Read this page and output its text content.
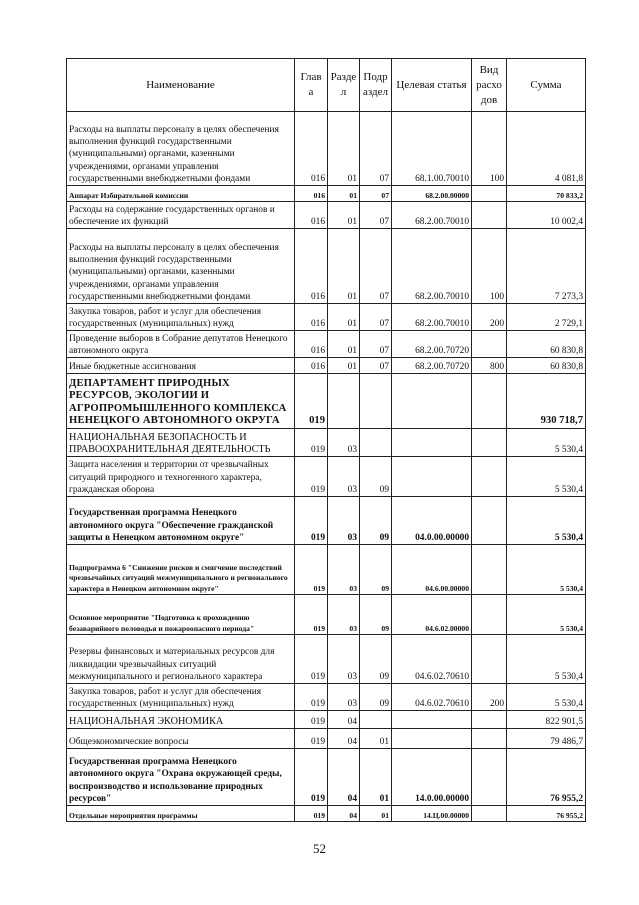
Наименование	Глав а	Разде л	Подр аздел	Целевая статья	Вид расхо дов	Сумма
Расходы на выплаты персоналу в целях обеспечения выполнения функций государственными (муниципальными) органами, казенными учреждениями, органами управления государственными внебюджетными фондами	016	01	07	68.1.00.70010	100	4 081,8
Аппарат Избирательной комиссии	016	01	07	68.2.00.00000		70 833,2
Расходы на содержание государственных органов и обеспечение их функций	016	01	07	68.2.00.70010		10 002,4
Расходы на выплаты персоналу в целях обеспечения выполнения функций государственными (муниципальными) органами, казенными учреждениями, органами управления государственными внебюджетными фондами	016	01	07	68.2.00.70010	100	7 273,3
Закупка товаров, работ и услуг для обеспечения государственных (муниципальных) нужд	016	01	07	68.2.00.70010	200	2 729,1
Проведение выборов в Собрание депутатов Ненецкого автономного округа	016	01	07	68.2.00.70720		60 830,8
Иные бюджетные ассигнования	016	01	07	68.2.00.70720	800	60 830,8
ДЕПАРТАМЕНТ ПРИРОДНЫХ РЕСУРСОВ, ЭКОЛОГИИ И АГРОПРОМЫШЛЕННОГО КОМПЛЕКСА НЕНЕЦКОГО АВТОНОМНОГО ОКРУГА	019					930 718,7
НАЦИОНАЛЬНАЯ БЕЗОПАСНОСТЬ И ПРАВООХРАНИТЕЛЬНАЯ ДЕЯТЕЛЬНОСТЬ	019	03				5 530,4
Защита населения и территории от чрезвычайных ситуаций природного и техногенного характера, гражданская оборона	019	03	09			5 530,4
Государственная программа Ненецкого автономного округа "Обеспечение гражданской защиты в Ненецком автономном округе"	019	03	09	04.0.00.00000		5 530,4
Подпрограмма 6 "Снижение рисков и смягчение последствий чрезвычайных ситуаций межмуниципального и регионального характера в Ненецком автономном округе"	019	03	09	04.6.00.00000		5 530,4
Основное мероприятие "Подготовка к прохождению безаварийного половодья и пожароопасного периода"	019	03	09	04.6.02.00000		5 530,4
Резервы финансовых и материальных ресурсов для ликвидации чрезвычайных ситуаций межмуниципального и регионального характера	019	03	09	04.6.02.70610		5 530,4
Закупка товаров, работ и услуг для обеспечения государственных (муниципальных) нужд	019	03	09	04.6.02.70610	200	5 530,4
НАЦИОНАЛЬНАЯ ЭКОНОМИКА	019	04				822 901,5
Общеэкономические вопросы	019	04	01			79 486,7
Государственная программа Ненецкого автономного округа "Охрана окружающей среды, воспроизводство и использование природных ресурсов"	019	04	01	14.0.00.00000		76 955,2
Отдельные мероприятия программы	019	04	01	14.Ц.00.00000		76 955,2
52
